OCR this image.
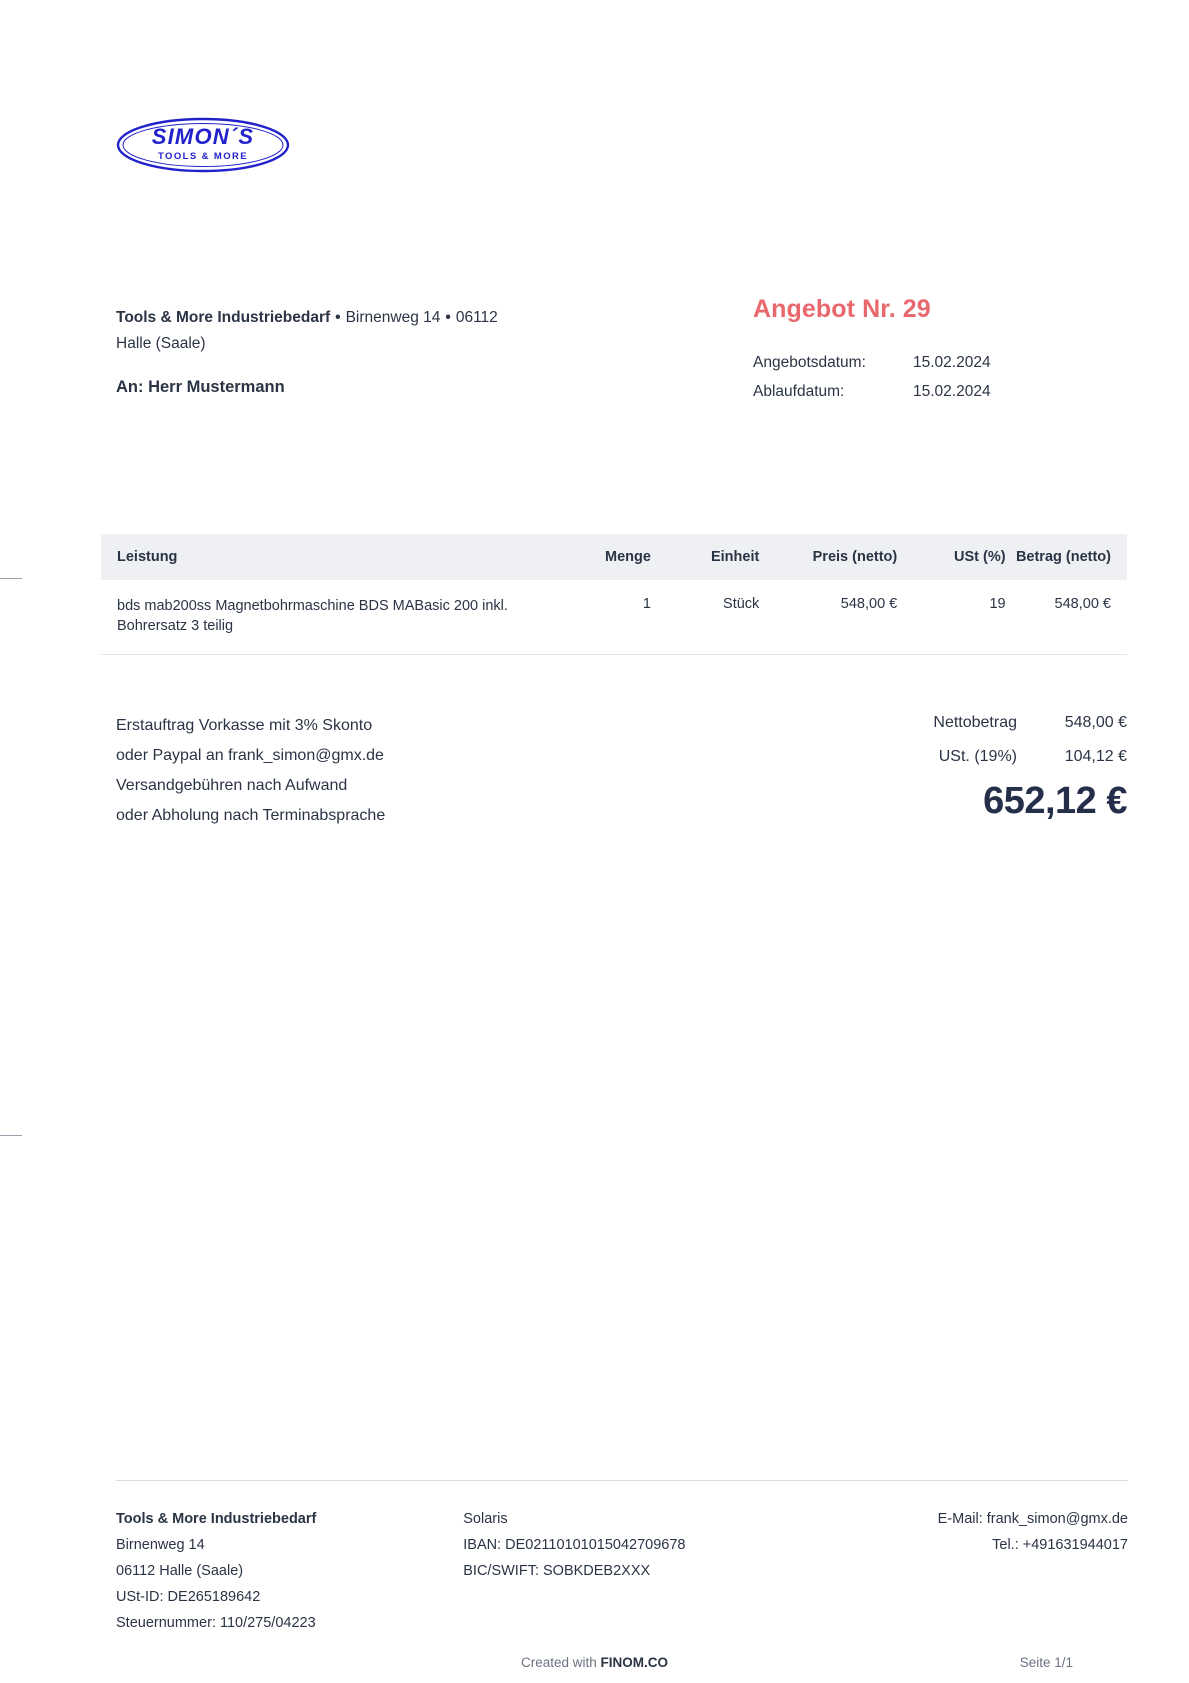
SIMON´S
TOOLS & MORE
Tools & More Industriebedarf • Birnenweg 14 • 06112
Halle (Saale)
An: Herr Mustermann
Angebot Nr. 29
Angebotsdatum:	15.02.2024
Ablaufdatum:	15.02.2024
Leistung	Menge	Einheit	Preis (netto)	USt (%) Betrag (netto)
bds mab200ss Magnetbohrmaschine BDS MABasic 200 inkl. Bohrersatz 3 teilig
1	Stück	548,00 €	19	548,00 €
Erstauftrag Vorkasse mit 3% Skonto
oder Paypal an frank_simon@gmx.de
Versandgebühren nach Aufwand
oder Abholung nach Terminabsprache
Nettobetrag	548,00 €
USt. (19%)	104,12 €
652,12 €
Tools & More Industriebedarf
Birnenweg 14
06112 Halle (Saale)
USt-ID: DE265189642
Steuernummer: 110/275/04223
Solaris
IBAN: DE02110101015042709678
BIC/SWIFT: SOBKDEB2XXX
E-Mail: frank_simon@gmx.de
Tel.: +491631944017
Created with FINOM.CO	Seite 1/1
